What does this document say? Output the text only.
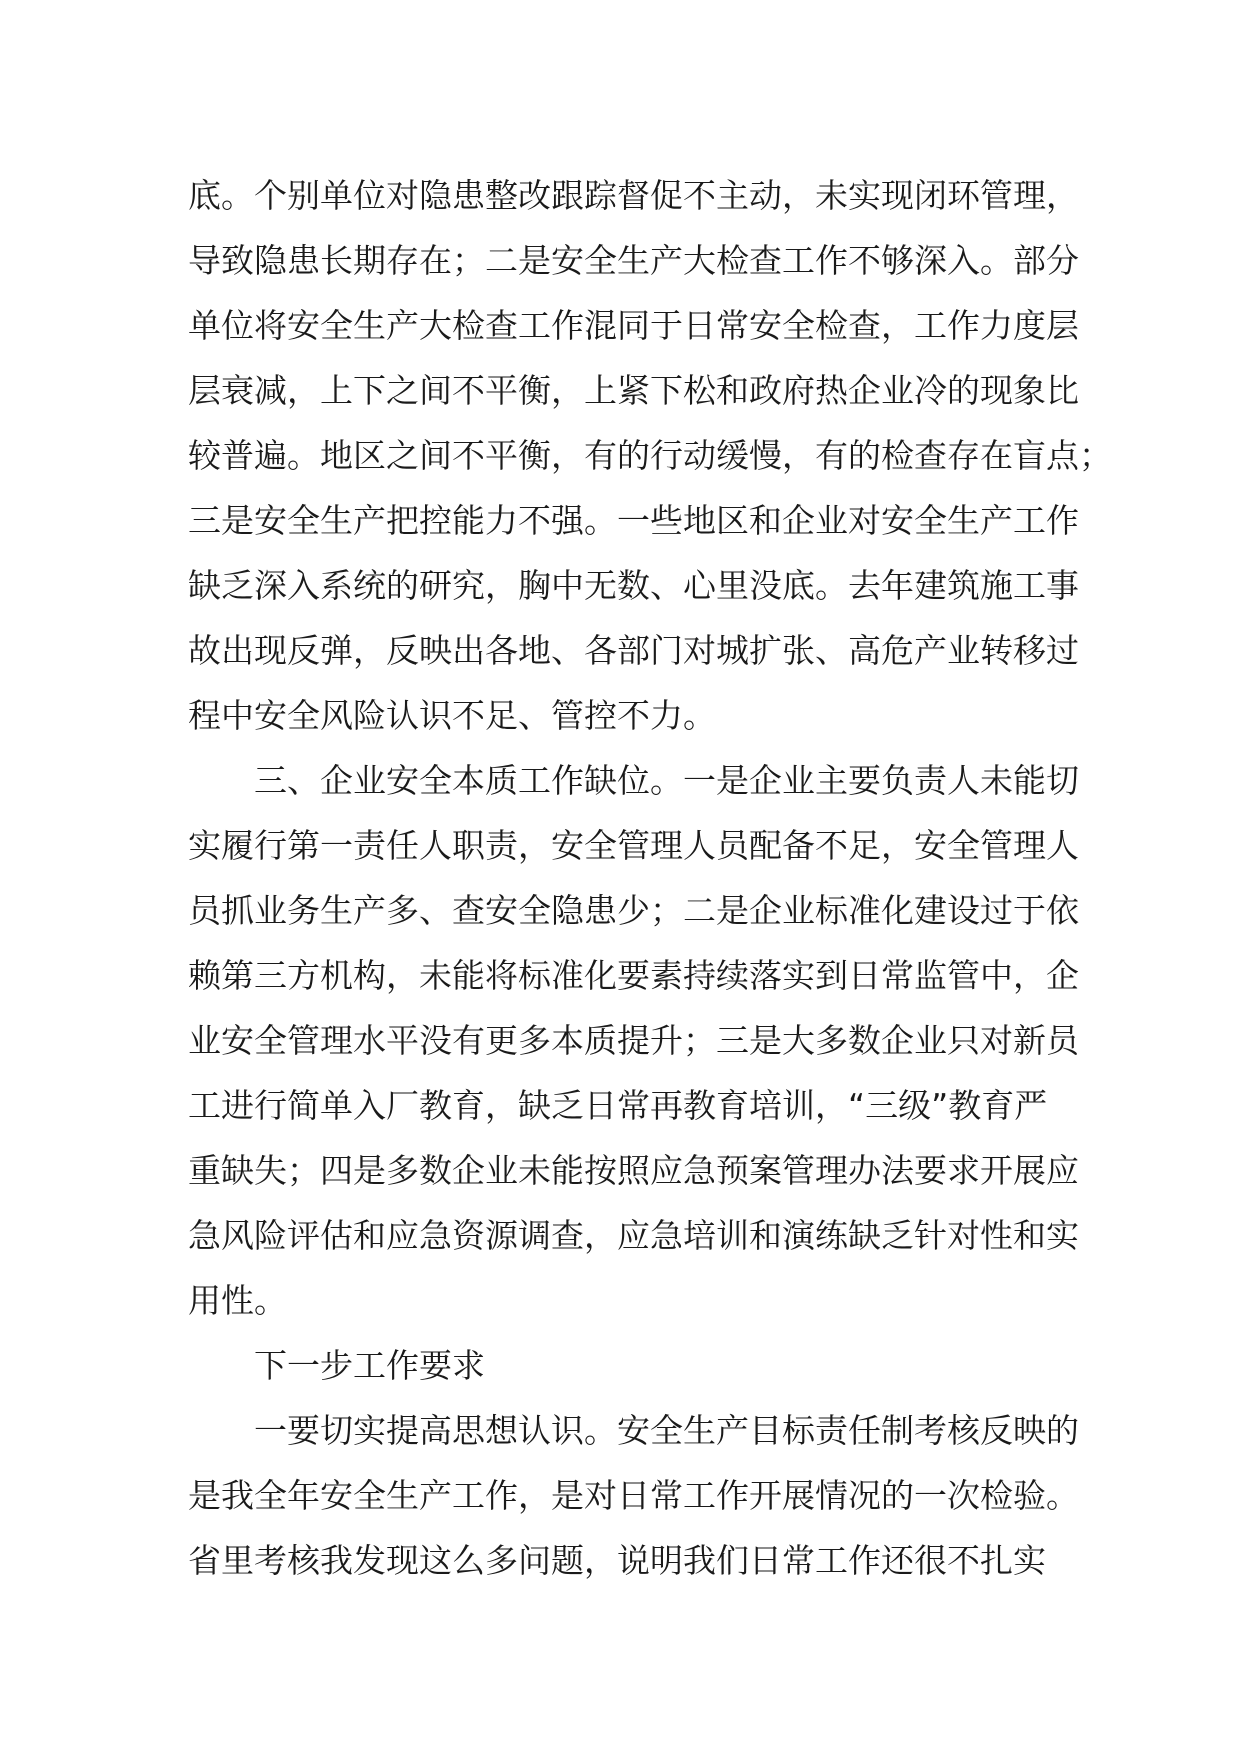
底。个别单位对隐患整改跟踪督促不主动，未实现闭环管理，
导致隐患长期存在；二是安全生产大检查工作不够深入。部分
单位将安全生产大检查工作混同于日常安全检查，工作力度层
层衰减，上下之间不平衡，上紧下松和政府热企业冷的现象比
较普遍。地区之间不平衡，有的行动缓慢，有的检查存在盲点；
三是安全生产把控能力不强。一些地区和企业对安全生产工作
缺乏深入系统的研究，胸中无数、心里没底。去年建筑施工事
故出现反弹，反映出各地、各部门对城扩张、高危产业转移过
程中安全风险认识不足、管控不力。
三、企业安全本质工作缺位。一是企业主要负责人未能切
实履行第一责任人职责，安全管理人员配备不足，安全管理人
员抓业务生产多、查安全隐患少；二是企业标准化建设过于依
赖第三方机构，未能将标准化要素持续落实到日常监管中，企
业安全管理水平没有更多本质提升；三是大多数企业只对新员
工进行简单入厂教育，缺乏日常再教育培训，“三级”教育严
重缺失；四是多数企业未能按照应急预案管理办法要求开展应
急风险评估和应急资源调查，应急培训和演练缺乏针对性和实
用性。
下一步工作要求
一要切实提高思想认识。安全生产目标责任制考核反映的
是我全年安全生产工作，是对日常工作开展情况的一次检验。
省里考核我发现这么多问题，说明我们日常工作还很不扎实
